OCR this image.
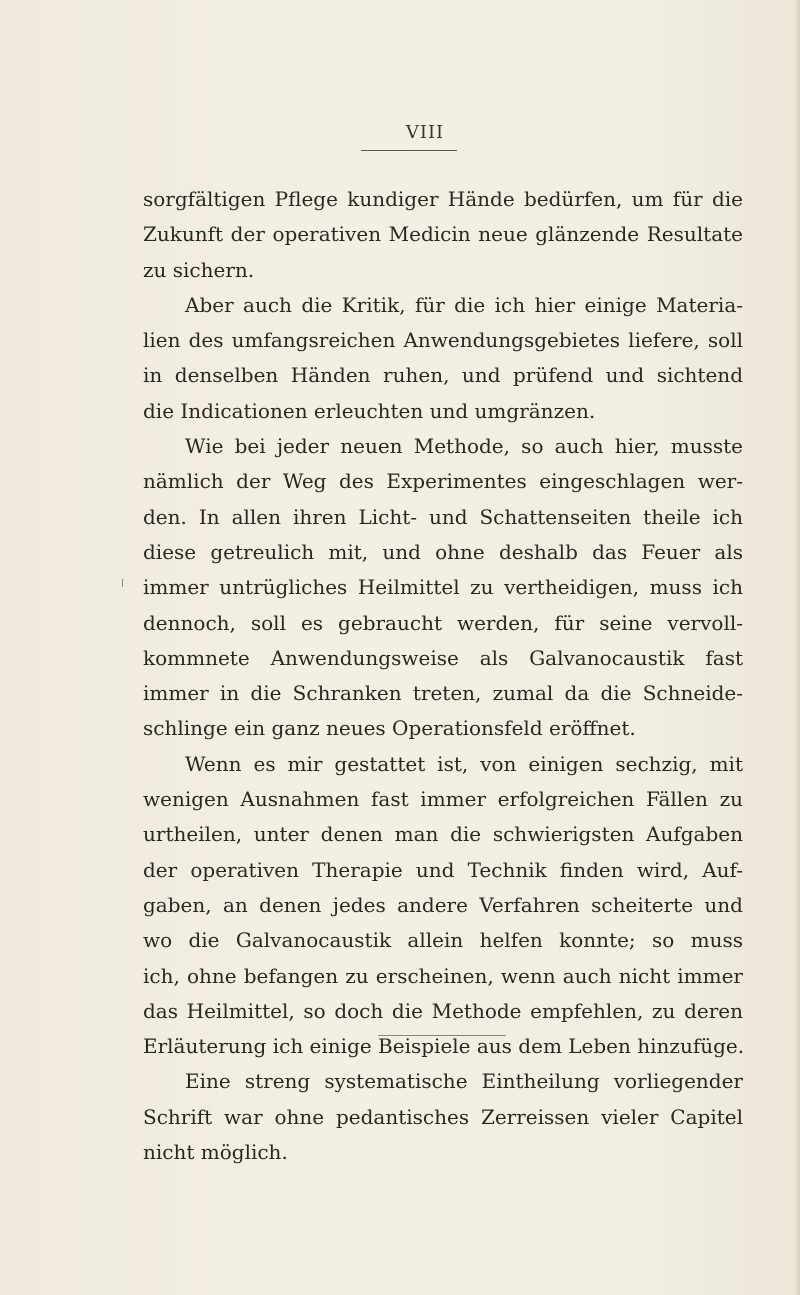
VIII
sorgfältigen Pflege kundiger Hände bedürfen, um für die
Zukunft der operativen Medicin neue glänzende Resultate
zu sichern.
Aber auch die Kritik, für die ich hier einige Materia-
lien des umfangsreichen Anwendungsgebietes liefere, soll
in denselben Händen ruhen, und prüfend und sichtend
die Indicationen erleuchten und umgränzen.
Wie bei jeder neuen Methode, so auch hier, musste
nämlich der Weg des Experimentes eingeschlagen wer-
den. In allen ihren Licht- und Schattenseiten theile ich
diese getreulich mit, und ohne deshalb das Feuer als
immer untrügliches Heilmittel zu vertheidigen, muss ich
dennoch, soll es gebraucht werden, für seine vervoll-
kommnete Anwendungsweise als Galvanocaustik fast
immer in die Schranken treten, zumal da die Schneide-
schlinge ein ganz neues Operationsfeld eröffnet.
Wenn es mir gestattet ist, von einigen sechzig, mit
wenigen Ausnahmen fast immer erfolgreichen Fällen zu
urtheilen, unter denen man die schwierigsten Aufgaben
der operativen Therapie und Technik finden wird, Auf-
gaben, an denen jedes andere Verfahren scheiterte und
wo die Galvanocaustik allein helfen konnte; so muss
ich, ohne befangen zu erscheinen, wenn auch nicht immer
das Heilmittel, so doch die Methode empfehlen, zu deren
Erläuterung ich einige Beispiele aus dem Leben hinzufüge.
Eine streng systematische Eintheilung vorliegender
Schrift war ohne pedantisches Zerreissen vieler Capitel
nicht möglich.
